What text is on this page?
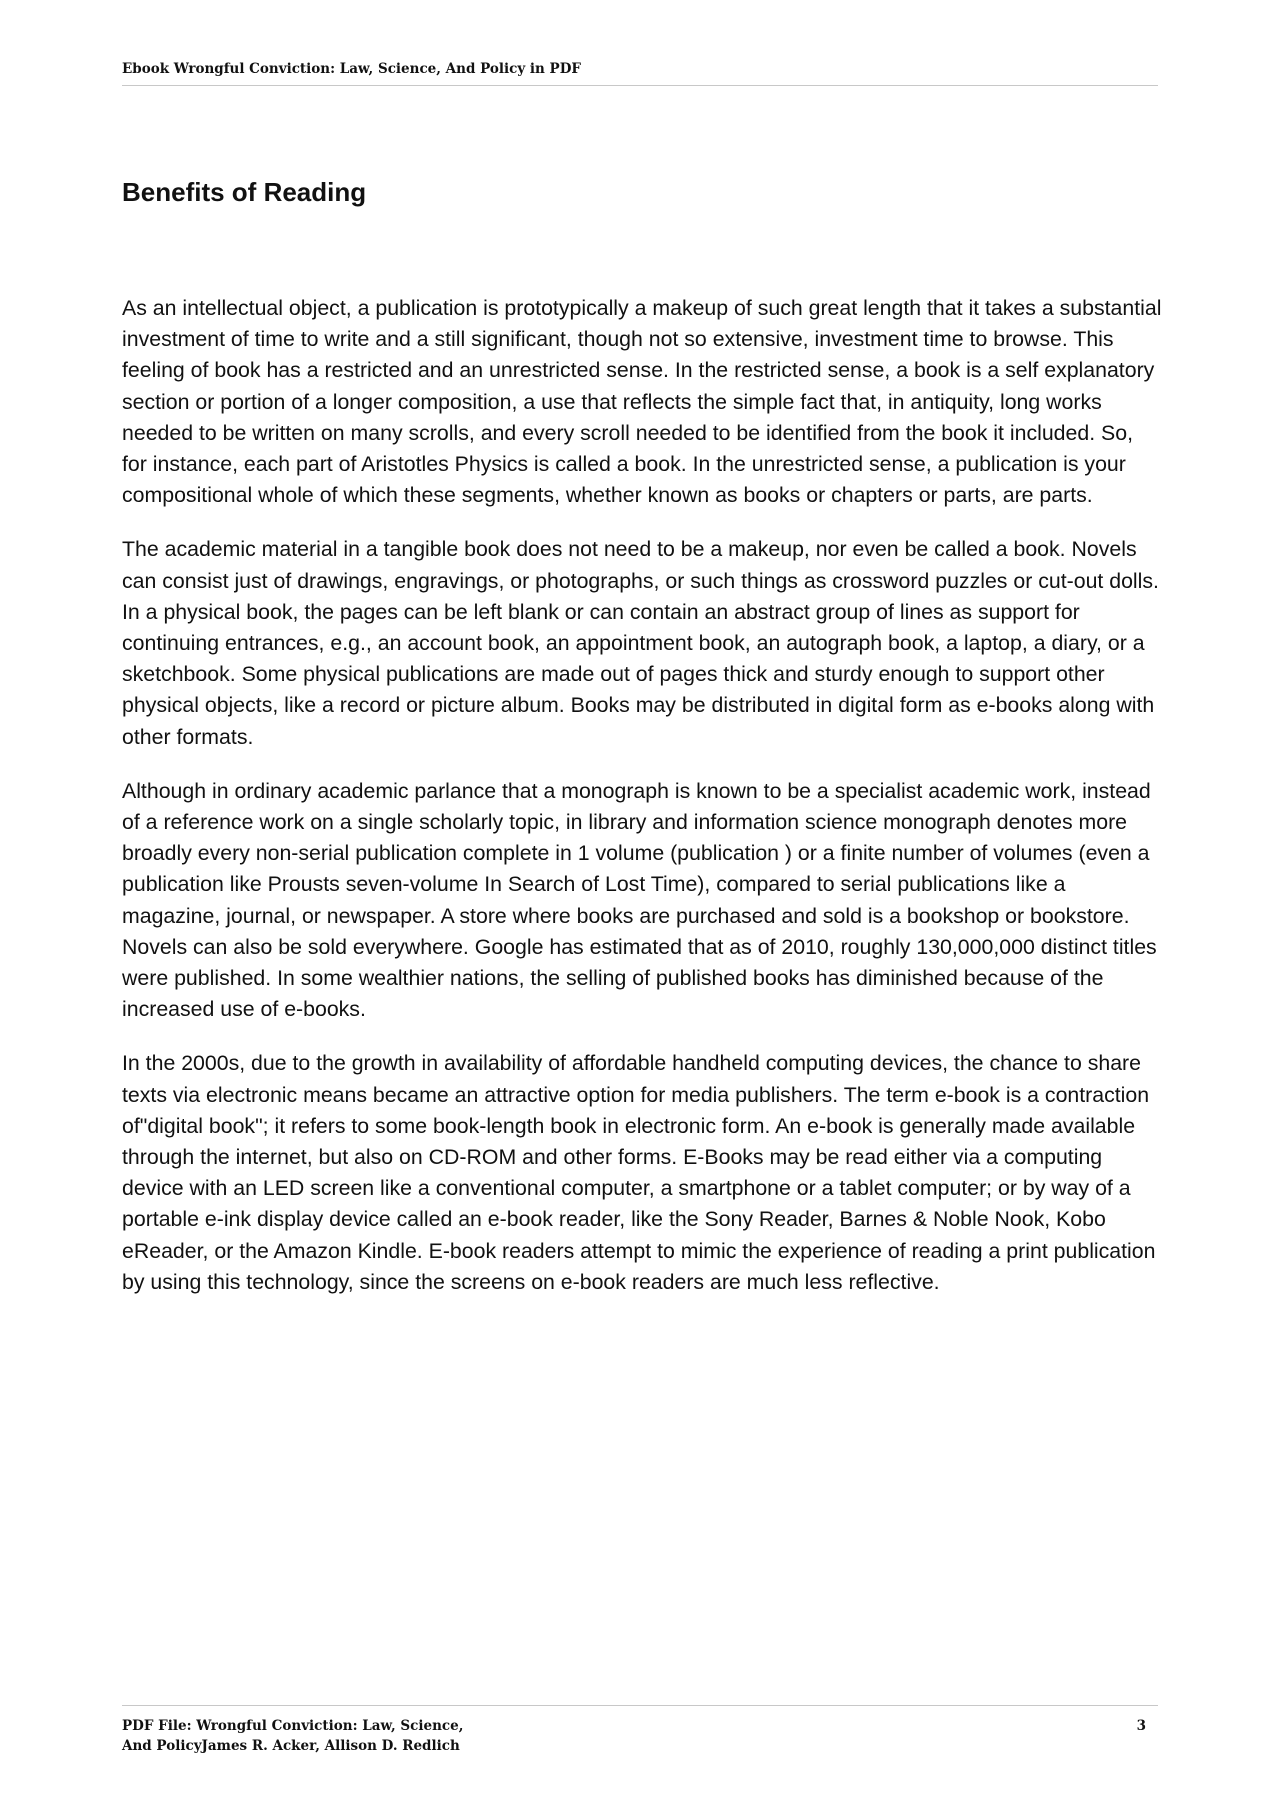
Ebook Wrongful Conviction: Law, Science, And Policy in PDF

Benefits of Reading

As an intellectual object, a publication is prototypically a makeup of such great length that it takes a substantial investment of time to write and a still significant, though not so extensive, investment time to browse. This feeling of book has a restricted and an unrestricted sense. In the restricted sense, a book is a self explanatory section or portion of a longer composition, a use that reflects the simple fact that, in antiquity, long works needed to be written on many scrolls, and every scroll needed to be identified from the book it included. So, for instance, each part of Aristotles Physics is called a book. In the unrestricted sense, a publication is your compositional whole of which these segments, whether known as books or chapters or parts, are parts.

The academic material in a tangible book does not need to be a makeup, nor even be called a book. Novels can consist just of drawings, engravings, or photographs, or such things as crossword puzzles or cut-out dolls. In a physical book, the pages can be left blank or can contain an abstract group of lines as support for continuing entrances, e.g., an account book, an appointment book, an autograph book, a laptop, a diary, or a sketchbook. Some physical publications are made out of pages thick and sturdy enough to support other physical objects, like a record or picture album. Books may be distributed in digital form as e-books along with other formats.

Although in ordinary academic parlance that a monograph is known to be a specialist academic work, instead of a reference work on a single scholarly topic, in library and information science monograph denotes more broadly every non-serial publication complete in 1 volume (publication ) or a finite number of volumes (even a publication like Prousts seven-volume In Search of Lost Time), compared to serial publications like a magazine, journal, or newspaper. A store where books are purchased and sold is a bookshop or bookstore. Novels can also be sold everywhere. Google has estimated that as of 2010, roughly 130,000,000 distinct titles were published. In some wealthier nations, the selling of published books has diminished because of the increased use of e-books.

In the 2000s, due to the growth in availability of affordable handheld computing devices, the chance to share texts via electronic means became an attractive option for media publishers. The term e-book is a contraction of"digital book"; it refers to some book-length book in electronic form. An e-book is generally made available through the internet, but also on CD-ROM and other forms. E-Books may be read either via a computing device with an LED screen like a conventional computer, a smartphone or a tablet computer; or by way of a portable e-ink display device called an e-book reader, like the Sony Reader, Barnes & Noble Nook, Kobo eReader, or the Amazon Kindle. E-book readers attempt to mimic the experience of reading a print publication by using this technology, since the screens on e-book readers are much less reflective.

PDF File: Wrongful Conviction: Law, Science,
And PolicyJames R. Acker, Allison D. Redlich

3
